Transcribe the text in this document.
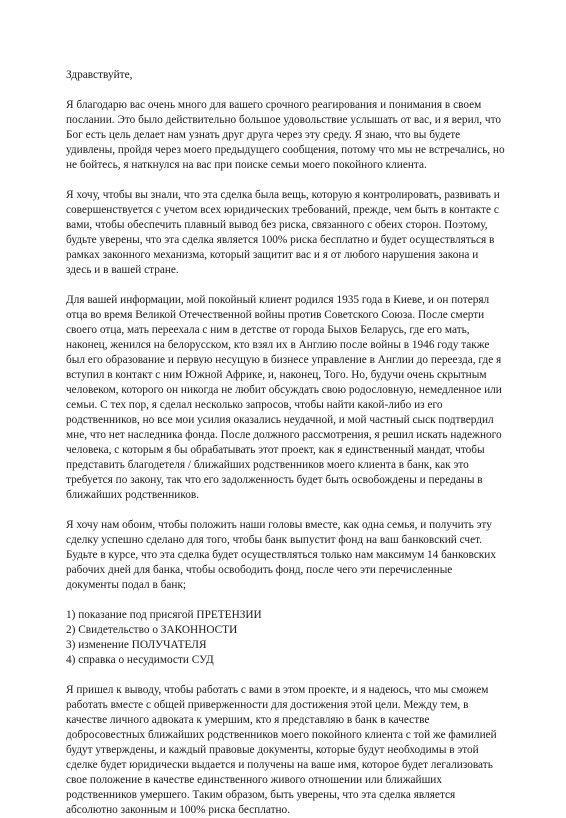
Здравствуйте,

Я благодарю вас очень много для вашего срочного реагирования и понимания в своем послании. Это было действительно большое удовольствие услышать от вас, и я верил, что Бог есть цель делает нам узнать друг друга через эту среду. Я знаю, что вы будете удивлены, пройдя через моего предыдущего сообщения, потому что мы не встречались, но не бойтесь, я наткнулся на вас при поиске семьи моего покойного клиента.

Я хочу, чтобы вы знали, что эта сделка была вещь, которую я контролировать, развивать и совершенствуется с учетом всех юридических требований, прежде, чем быть в контакте с вами, чтобы обеспечить плавный вывод без риска, связанного с обеих сторон. Поэтому, будьте уверены, что эта сделка является 100% риска бесплатно и будет осуществляться в рамках законного механизма, который защитит вас и я от любого нарушения закона и здесь и в вашей стране.

Для вашей информации, мой покойный клиент родился 1935 года в Киеве, и он потерял отца во время Великой Отечественной войны против Советского Союза. После смерти своего отца, мать переехала с ним в детстве от города Быхов Беларусь, где его мать, наконец, женился на белорусском, кто взял их в Англию после войны в 1946 году также был его образование и первую несущую в бизнесе управление в Англии до переезда, где я вступил в контакт с ним Южной Африке, и, наконец, Того. Но, будучи очень скрытным человеком, которого он никогда не любит обсуждать свою родословную, немедленное или семьи. С тех пор, я сделал несколько запросов, чтобы найти какой-либо из его родственников, но все мои усилия оказались неудачной, и мой частный сыск подтвердил мне, что нет наследника фонда. После должного рассмотрения, я решил искать надежного человека, с которым я бы обрабатывать этот проект, как я единственный мандат, чтобы представить благодетеля / ближайших родственников моего клиента в банк, как это требуется по закону, так что его задолженность будет быть освобождены и переданы в ближайших родственников.

Я хочу нам обоим, чтобы положить наши головы вместе, как одна семья, и получить эту сделку успешно сделано для того, чтобы банк выпустит фонд на ваш банковский счет. Будьте в курсе, что эта сделка будет осуществляться только нам максимум 14 банковских рабочих дней для банка, чтобы освободить фонд, после чего эти перечисленные документы подал в банк;

1) показание под присягой ПРЕТЕНЗИИ
2) Свидетельство о ЗАКОННОСТИ
3) изменение ПОЛУЧАТЕЛЯ
4) справка о несудимости СУД

Я пришел к выводу, чтобы работать с вами в этом проекте, и я надеюсь, что мы сможем работать вместе с общей приверженности для достижения этой цели. Между тем, в качестве личного адвоката к умершим, кто я представляю в банк в качестве добросовестных ближайших родственников моего покойного клиента с той же фамилией будут утверждены, и каждый правовые документы, которые будут необходимы в этой сделке будет юридически выдается и получены на ваше имя, которое будет легализовать свое положение в качестве единственного живого отношении или ближайших родственников умершего. Таким образом, быть уверены, что эта сделка является абсолютно законным и 100% риска бесплатно.
